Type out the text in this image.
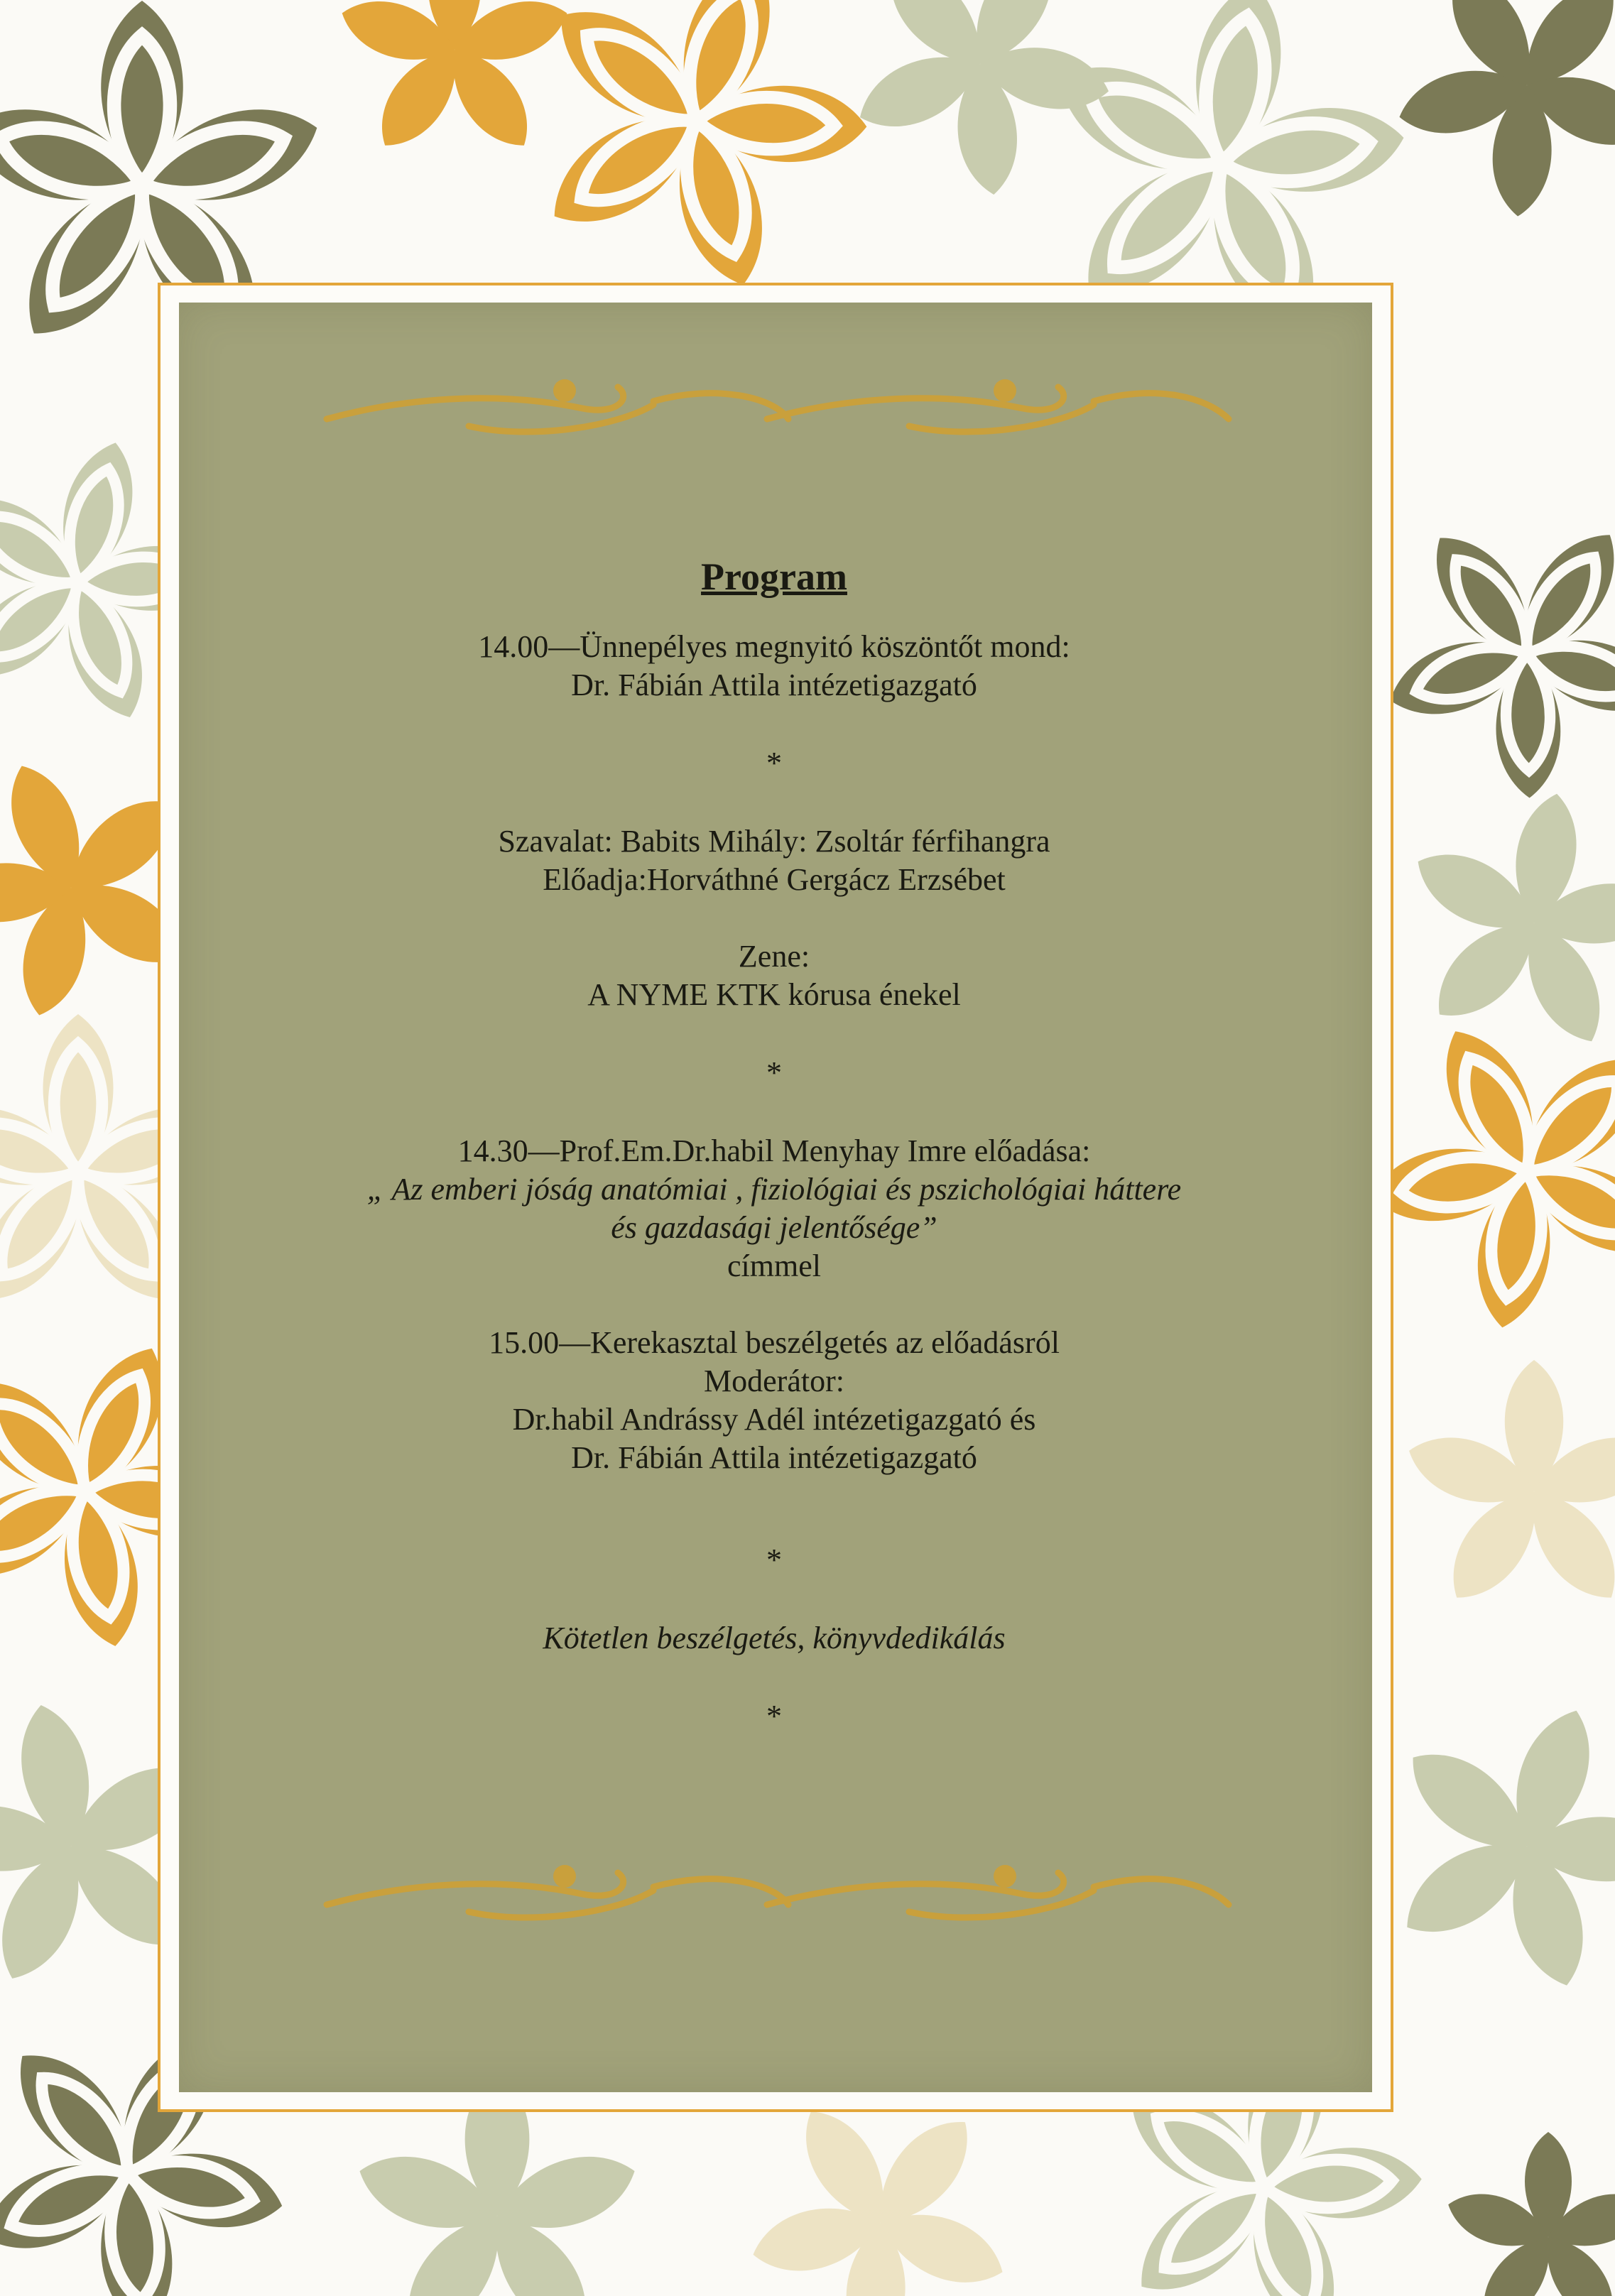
Program
14.00—Ünnepélyes megnyitó köszöntőt mond:
Dr. Fábián Attila intézetigazgató
*
Szavalat: Babits Mihály: Zsoltár férfihangra
Előadja:Horváthné Gergácz Erzsébet
Zene:
A NYME KTK kórusa énekel
*
14.30—Prof.Em.Dr.habil Menyhay Imre előadása:
„ Az emberi jóság anatómiai , fiziológiai és pszichológiai háttere
és gazdasági jelentősége”
címmel
15.00—Kerekasztal beszélgetés az előadásról
Moderátor:
Dr.habil Andrássy Adél intézetigazgató és
Dr. Fábián Attila intézetigazgató
*
Kötetlen beszélgetés, könyvdedikálás
*
